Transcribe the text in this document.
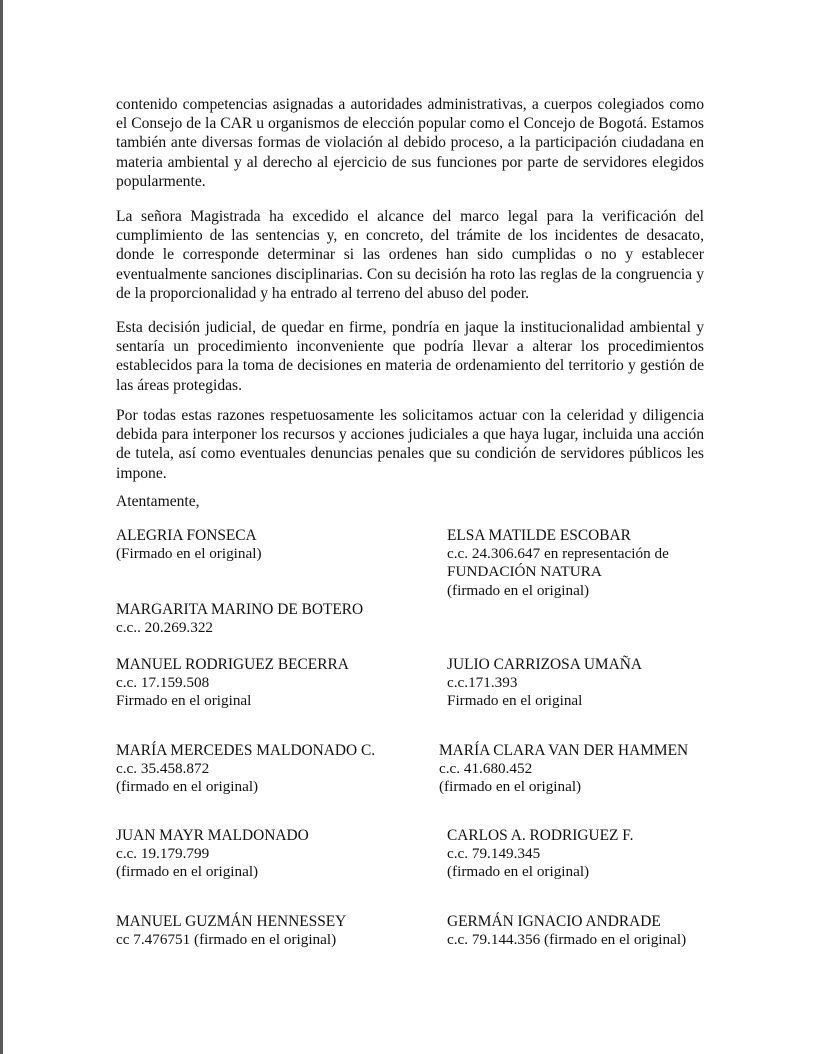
contenido competencias asignadas a autoridades administrativas, a cuerpos colegiados como el Consejo de la CAR u organismos de elección popular como el Concejo de Bogotá. Estamos también ante diversas formas de violación al debido proceso, a la participación ciudadana en materia ambiental y al derecho al ejercicio de sus funciones por parte de servidores elegidos popularmente.

La señora Magistrada ha excedido el alcance del marco legal para la verificación del cumplimiento de las sentencias y, en concreto, del trámite de los incidentes de desacato, donde le corresponde determinar si las ordenes han sido cumplidas o no y establecer eventualmente sanciones disciplinarias. Con su decisión ha roto las reglas de la congruencia y de la proporcionalidad y ha entrado al terreno del abuso del poder.

Esta decisión judicial, de quedar en firme, pondría en jaque la institucionalidad ambiental y sentaría un procedimiento inconveniente que podría llevar a alterar los procedimientos establecidos para la toma de decisiones en materia de ordenamiento del territorio y gestión de las áreas protegidas.

Por todas estas razones respetuosamente les solicitamos actuar con la celeridad y diligencia debida para interponer los recursos y acciones judiciales a que haya lugar, incluida una acción de tutela, así como eventuales denuncias penales que su condición de servidores públicos les impone.

Atentamente,

ALEGRIA FONSECA
(Firmado en el original)
ELSA MATILDE ESCOBAR
c.c. 24.306.647 en representación de
FUNDACIÓN NATURA
(firmado en el original)
MARGARITA MARINO DE BOTERO
c.c.. 20.269.322
MANUEL RODRIGUEZ BECERRA
c.c. 17.159.508
Firmado en el original
JULIO CARRIZOSA UMAÑA
c.c.171.393
Firmado en el original
MARÍA MERCEDES MALDONADO C.
c.c. 35.458.872
(firmado en el original)
MARÍA CLARA VAN DER HAMMEN
c.c. 41.680.452
(firmado en el original)
JUAN MAYR MALDONADO
c.c. 19.179.799
(firmado en el original)
CARLOS A. RODRIGUEZ F.
c.c. 79.149.345
(firmado en el original)
MANUEL GUZMÁN HENNESSEY
cc 7.476751 (firmado en el original)
GERMÁN IGNACIO ANDRADE
c.c. 79.144.356 (firmado en el original)
